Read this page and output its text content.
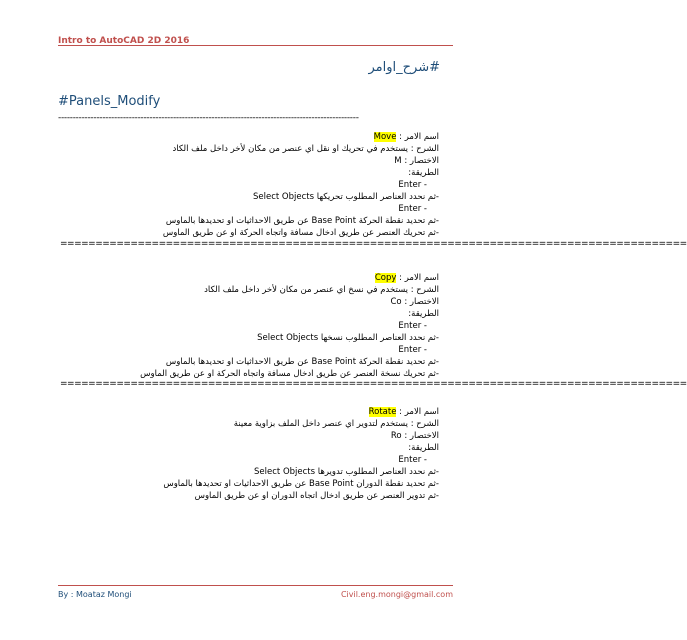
Intro to AutoCAD 2D 2016
#شرح_اوامر
#Panels_Modify
------------------------------------------------------------------------------------------------------
اسم الامر : Move
الشرح : يستخدم في تحريك او نقل اي عنصر من مكان لأخر داخل ملف الكاد
الاختصار : M
الطريقة:
- Enter
-ثم نحدد العناصر المطلوب تحريكها Select Objects
- Enter
-ثم تحديد نقطة الحركة Base Point عن طريق الاحداثيات او تحديدها بالماوس
-ثم تحريك العنصر عن طريق ادخال مسافة واتجاه الحركة او عن طريق الماوس
=========================================================================================
اسم الامر : Copy
الشرح : يستخدم في نسخ اي عنصر من مكان لأخر داخل ملف الكاد
الاختصار : Co
الطريقة:
- Enter
-ثم نحدد العناصر المطلوب نسخها Select Objects
- Enter
-ثم تحديد نقطة الحركة Base Point عن طريق الاحداثيات او تحديدها بالماوس
-ثم تحريك نسخة العنصر عن طريق ادخال مسافة واتجاه الحركة او عن طريق الماوس
=========================================================================================
اسم الامر : Rotate
الشرح : يستخدم لتدوير اي عنصر داخل الملف بزاوية معينة
الاختصار : Ro
الطريقة:
- Enter
-ثم نحدد العناصر المطلوب تدويرها Select Objects
-ثم تحديد نقطة الدوران Base Point عن طريق الاحداثيات او تحديدها بالماوس
-ثم تدوير العنصر عن طريق ادخال اتجاه الدوران او عن طريق الماوس
By : Moataz Mongi	Civil.eng.mongi@gmail.com
